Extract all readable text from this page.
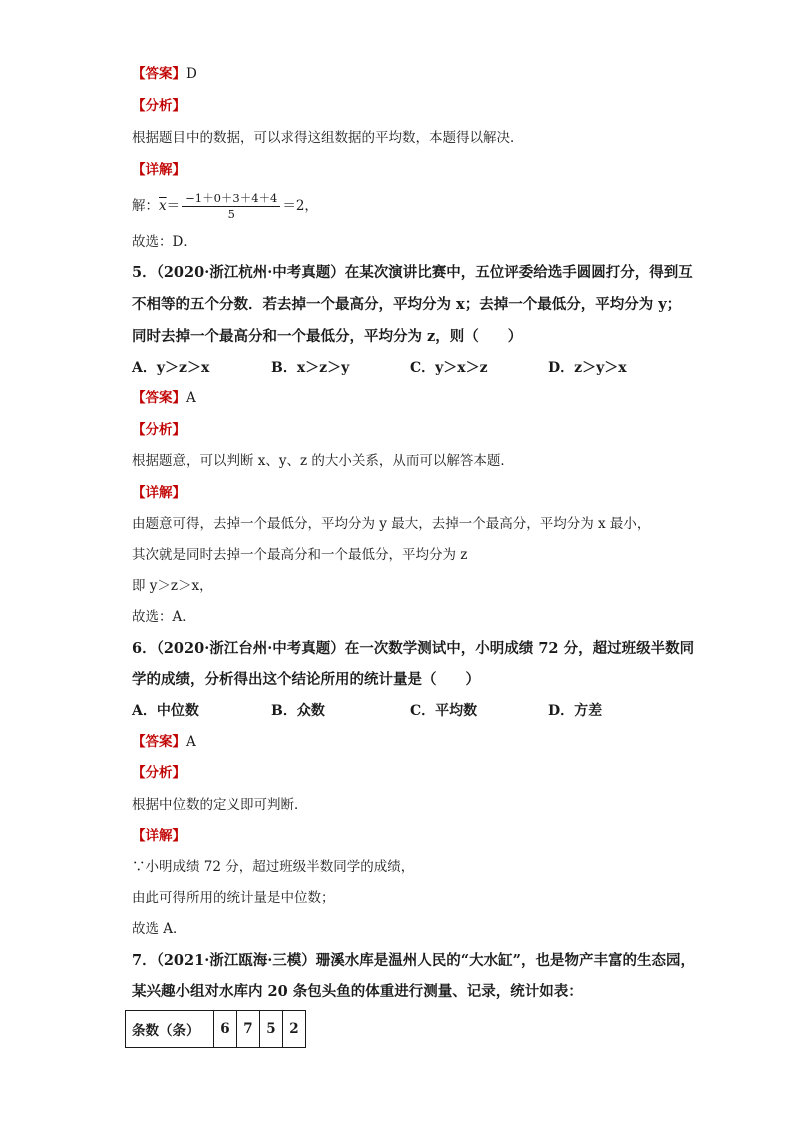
【答案】D
【分析】
根据题目中的数据，可以求得这组数据的平均数，本题得以解决．
【详解】
解：$\overline{x}= \frac{-1+0+3+4+4}{5} =2$，
故选：D．
5．（2020·浙江杭州·中考真题）在某次演讲比赛中，五位评委给选手圆圆打分，得到互
不相等的五个分数．若去掉一个最高分，平均分为 x；去掉一个最低分，平均分为 y；
同时去掉一个最高分和一个最低分，平均分为 z，则（　　）
A．y＞z＞x	B．x＞z＞y	C．y＞x＞z	D．z＞y＞x
【答案】A
【分析】
根据题意，可以判断 x、y、z 的大小关系，从而可以解答本题．
【详解】
由题意可得，去掉一个最低分，平均分为 y 最大，去掉一个最高分，平均分为 x 最小，
其次就是同时去掉一个最高分和一个最低分，平均分为 z
即 y＞z＞x，
故选：A．
6．（2020·浙江台州·中考真题）在一次数学测试中，小明成绩 72 分，超过班级半数同
学的成绩，分析得出这个结论所用的统计量是（　　）
A．中位数	B．众数	C．平均数	D．方差
【答案】A
【分析】
根据中位数的定义即可判断．
【详解】
∵小明成绩 72 分，超过班级半数同学的成绩，
由此可得所用的统计量是中位数；
故选 A．
7．（2021·浙江瓯海·三模）珊溪水库是温州人民的“大水缸”，也是物产丰富的生态园，
某兴趣小组对水库内 20 条包头鱼的体重进行测量、记录，统计如表：
条数（条）	6	7	5	2
